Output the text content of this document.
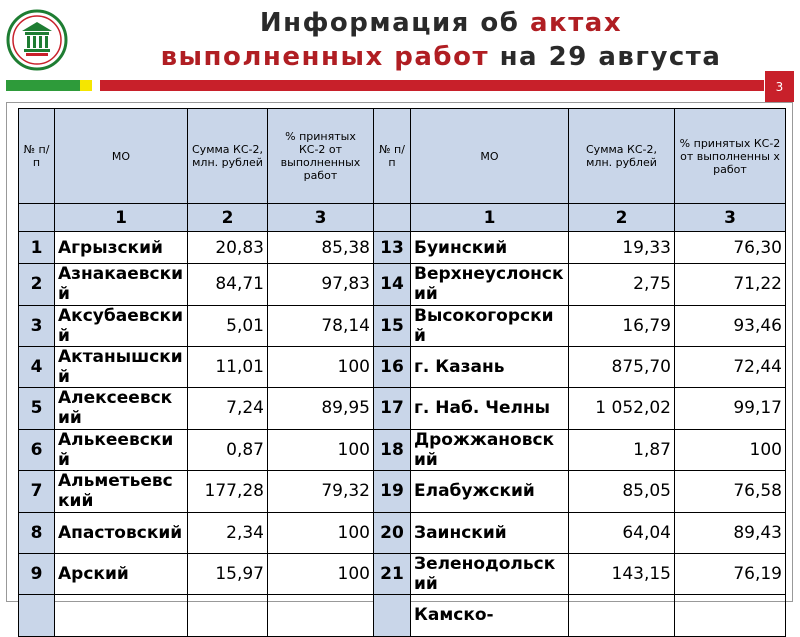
Информация об актах
выполненных работ на 29 августа
3
№ п/п	МО	Сумма КС-2, млн. рублей	% принятых КС-2 от выполненных работ	№ п/п	МО	Сумма КС-2, млн. рублей	% принятых КС-2 от выполненны х работ
	1	2	3		1	2	3
1	Агрызский	20,83	85,38	13	Буинский	19,33	76,30
2	Азнакаевский	84,71	97,83	14	Верхнеуслонский	2,75	71,22
3	Аксубаевский	5,01	78,14	15	Высокогорский	16,79	93,46
4	Актанышский	11,01	100	16	г. Казань	875,70	72,44
5	Алексеевский	7,24	89,95	17	г. Наб. Челны	1 052,02	99,17
6	Алькеевский	0,87	100	18	Дрожжановский	1,87	100
7	Альметьевский	177,28	79,32	19	Елабужский	85,05	76,58
8	Апастовский	2,34	100	20	Заинский	64,04	89,43
9	Арский	15,97	100	21	Зеленодольский	143,15	76,19
					Камско-		
